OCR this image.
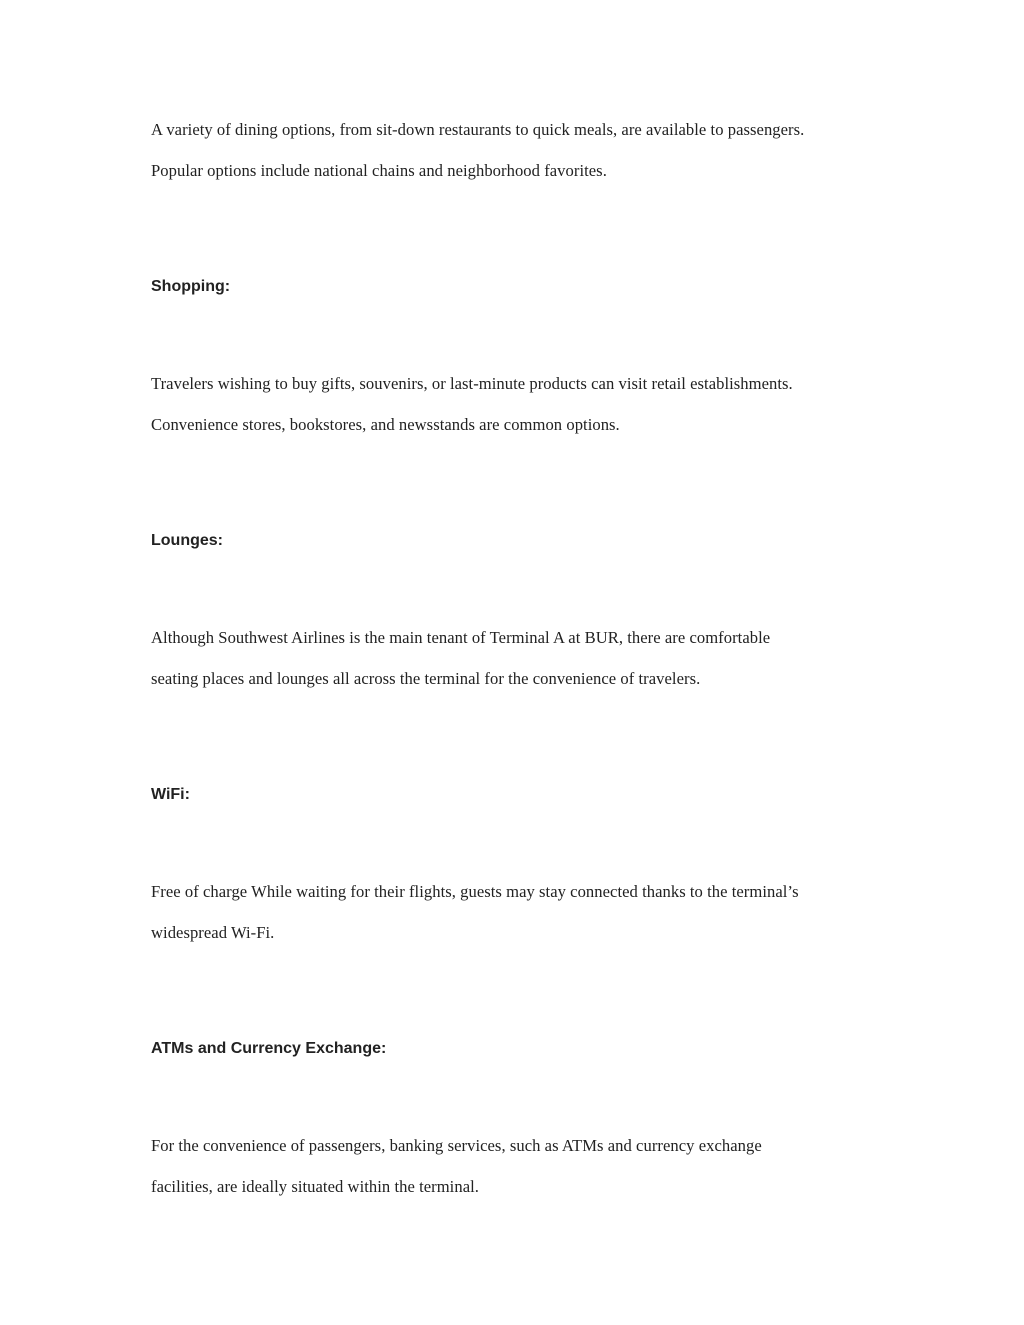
A variety of dining options, from sit-down restaurants to quick meals, are available to passengers.
Popular options include national chains and neighborhood favorites.
Shopping:
Travelers wishing to buy gifts, souvenirs, or last-minute products can visit retail establishments.
Convenience stores, bookstores, and newsstands are common options.
Lounges:
Although Southwest Airlines is the main tenant of Terminal A at BUR, there are comfortable
seating places and lounges all across the terminal for the convenience of travelers.
WiFi:
Free of charge While waiting for their flights, guests may stay connected thanks to the terminal’s
widespread Wi-Fi.
ATMs and Currency Exchange:
For the convenience of passengers, banking services, such as ATMs and currency exchange
facilities, are ideally situated within the terminal.
